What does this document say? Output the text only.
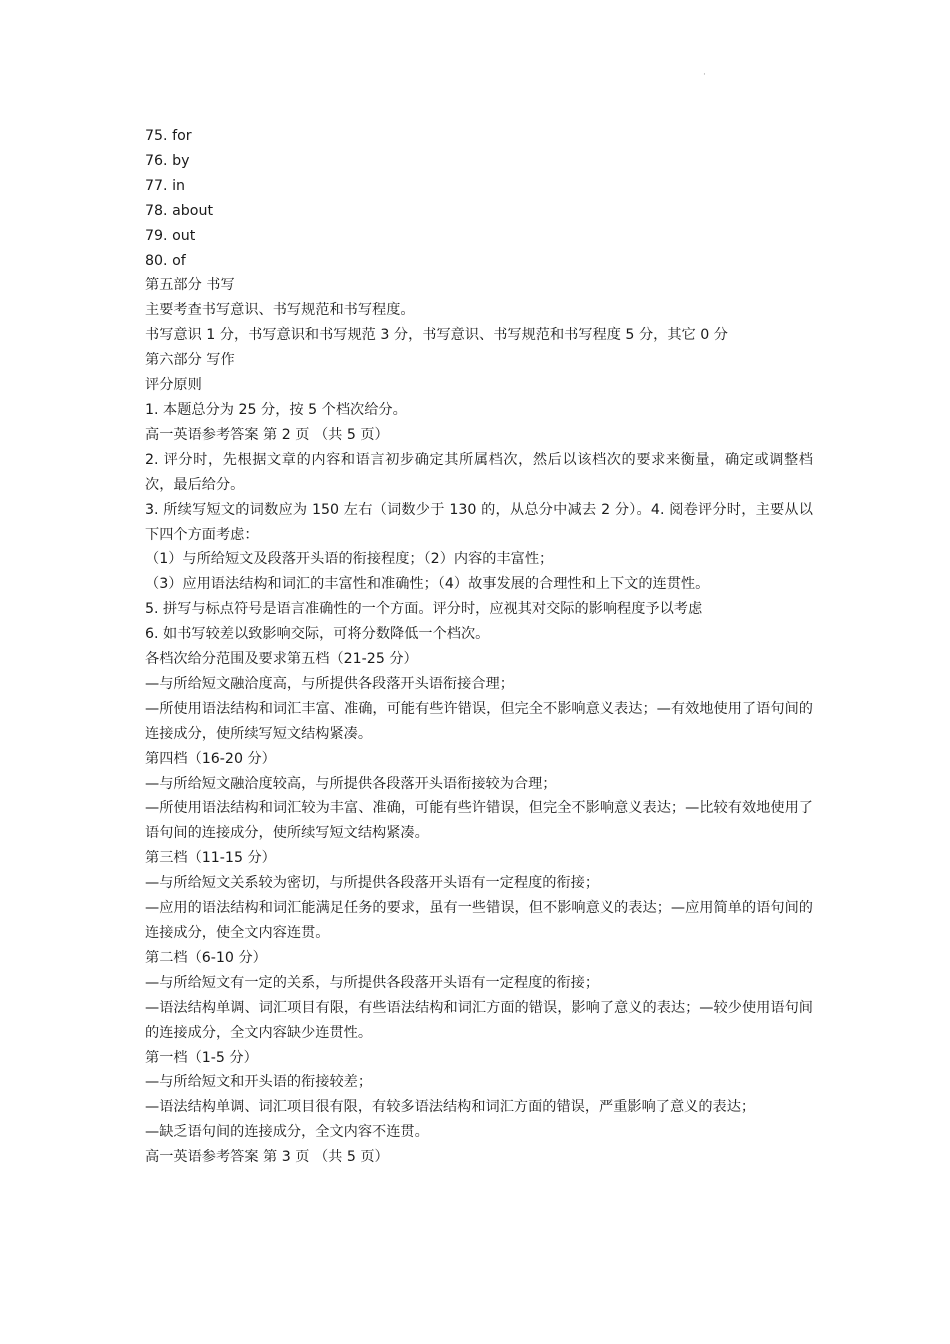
·

75. for

76. by

77. in

78. about

79. out

80. of

第五部分 书写

主要考查书写意识、书写规范和书写程度。

书写意识 1 分，书写意识和书写规范 3 分，书写意识、书写规范和书写程度 5 分，其它 0 分

第六部分 写作

评分原则

1. 本题总分为 25 分，按 5 个档次给分。

高一英语参考答案 第 2 页 （共 5 页）

2. 评分时，先根据文章的内容和语言初步确定其所属档次，然后以该档次的要求来衡量，确定或调整档次，最后给分。

3. 所续写短文的词数应为 150 左右（词数少于 130 的，从总分中减去 2 分）。4. 阅卷评分时，主要从以下四个方面考虑：

（1）与所给短文及段落开头语的衔接程度；（2）内容的丰富性；

（3）应用语法结构和词汇的丰富性和准确性；（4）故事发展的合理性和上下文的连贯性。

5. 拼写与标点符号是语言准确性的一个方面。评分时，应视其对交际的影响程度予以考虑

6. 如书写较差以致影响交际，可将分数降低一个档次。

各档次给分范围及要求第五档（21-25 分）

—与所给短文融洽度高，与所提供各段落开头语衔接合理；

—所使用语法结构和词汇丰富、准确，可能有些许错误，但完全不影响意义表达；—有效地使用了语句间的连接成分，使所续写短文结构紧凑。

第四档（16-20 分）

—与所给短文融洽度较高，与所提供各段落开头语衔接较为合理；

—所使用语法结构和词汇较为丰富、准确，可能有些许错误，但完全不影响意义表达；—比较有效地使用了语句间的连接成分，使所续写短文结构紧凑。

第三档（11-15 分）

—与所给短文关系较为密切，与所提供各段落开头语有一定程度的衔接；

—应用的语法结构和词汇能满足任务的要求，虽有一些错误，但不影响意义的表达；—应用简单的语句间的连接成分，使全文内容连贯。

第二档（6-10 分）

—与所给短文有一定的关系，与所提供各段落开头语有一定程度的衔接；

—语法结构单调、词汇项目有限，有些语法结构和词汇方面的错误，影响了意义的表达；—较少使用语句间的连接成分，全文内容缺少连贯性。

第一档（1-5 分）

—与所给短文和开头语的衔接较差；

—语法结构单调、词汇项目很有限，有较多语法结构和词汇方面的错误，严重影响了意义的表达；

—缺乏语句间的连接成分，全文内容不连贯。

高一英语参考答案 第 3 页 （共 5 页）
